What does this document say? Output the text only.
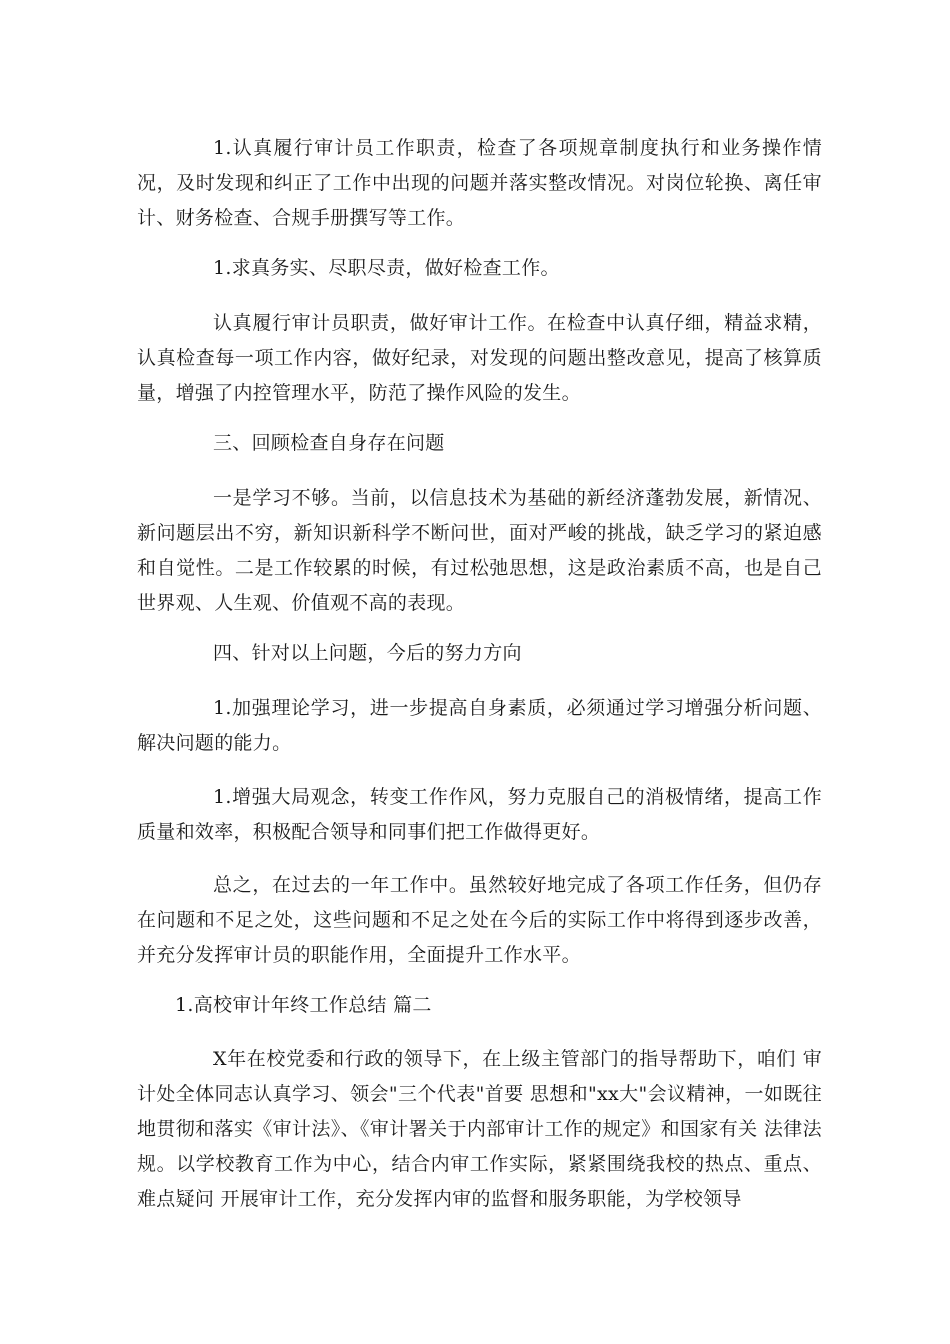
1.认真履行审计员工作职责，检查了各项规章制度执行和业务操作情况，及时发现和纠正了工作中出现的问题并落实整改情况。对岗位轮换、离任审计、财务检查、合规手册撰写等工作。

1.求真务实、尽职尽责，做好检查工作。

认真履行审计员职责，做好审计工作。在检查中认真仔细，精益求精，认真检查每一项工作内容，做好纪录，对发现的问题出整改意见，提高了核算质量，增强了内控管理水平，防范了操作风险的发生。

三、回顾检查自身存在问题

一是学习不够。当前，以信息技术为基础的新经济蓬勃发展，新情况、新问题层出不穷，新知识新科学不断问世，面对严峻的挑战，缺乏学习的紧迫感和自觉性。二是工作较累的时候，有过松弛思想，这是政治素质不高，也是自己世界观、人生观、价值观不高的表现。

四、针对以上问题，今后的努力方向

1.加强理论学习，进一步提高自身素质，必须通过学习增强分析问题、解决问题的能力。

1.增强大局观念，转变工作作风，努力克服自己的消极情绪，提高工作质量和效率，积极配合领导和同事们把工作做得更好。

总之，在过去的一年工作中。虽然较好地完成了各项工作任务，但仍存在问题和不足之处，这些问题和不足之处在今后的实际工作中将得到逐步改善，并充分发挥审计员的职能作用，全面提升工作水平。

1.高校审计年终工作总结 篇二

X年在校党委和行政的领导下，在上级主管部门的指导帮助下，咱们 审计处全体同志认真学习、领会"三个代表"首要 思想和"xx大"会议精神，一如既往地贯彻和落实《审计法》、《审计署关于内部审计工作的规定》和国家有关 法律法规。以学校教育工作为中心，结合内审工作实际，紧紧围绕我校的热点、重点、难点疑问 开展审计工作，充分发挥内审的监督和服务职能，为学校领导
